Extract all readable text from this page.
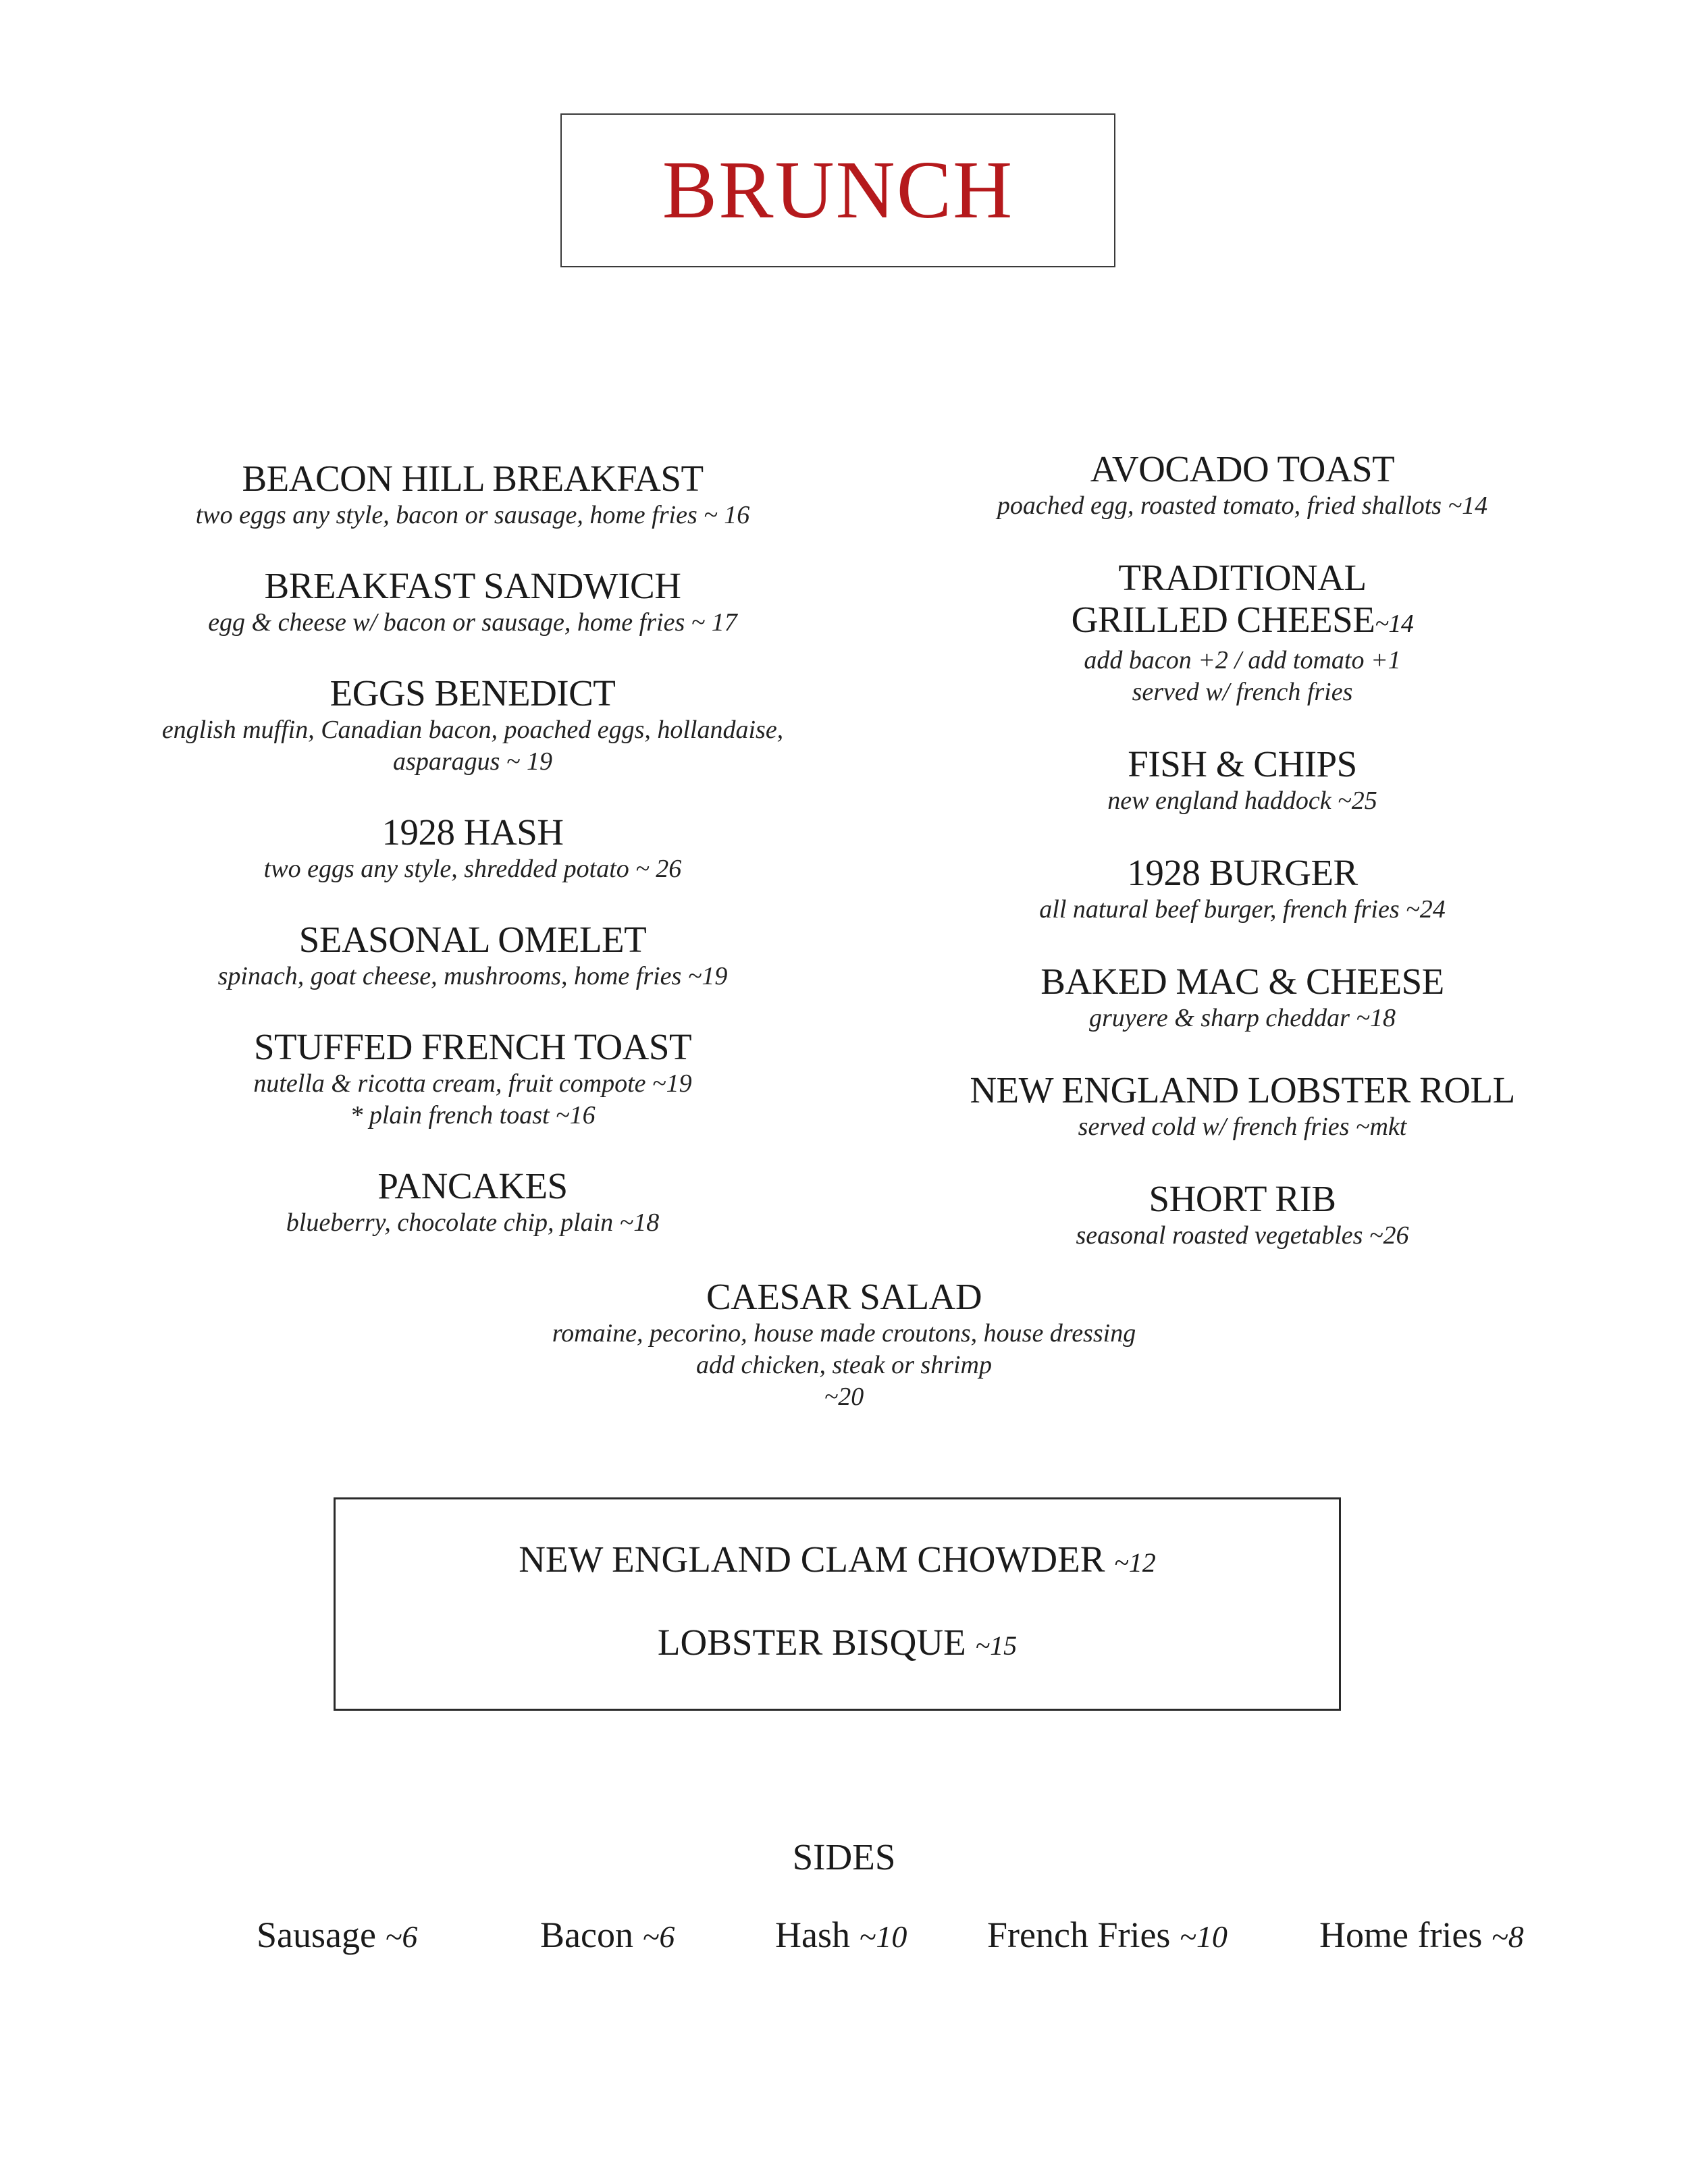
BRUNCH
BEACON HILL BREAKFAST
two eggs any style, bacon or sausage, home fries ~ 16
BREAKFAST SANDWICH
egg & cheese w/ bacon or sausage, home fries ~ 17
EGGS BENEDICT
english muffin, Canadian bacon, poached eggs, hollandaise,
asparagus ~ 19
1928 HASH
two eggs any style, shredded potato ~ 26
SEASONAL OMELET
spinach, goat cheese, mushrooms, home fries ~19
STUFFED FRENCH TOAST
nutella & ricotta cream, fruit compote ~19
* plain french toast ~16
PANCAKES
blueberry, chocolate chip, plain ~18
AVOCADO TOAST
poached egg, roasted tomato, fried shallots ~14
TRADITIONAL
GRILLED CHEESE~14
add bacon +2 / add tomato +1
served w/ french fries
FISH & CHIPS
new england haddock ~25
1928 BURGER
all natural beef burger, french fries ~24
BAKED MAC & CHEESE
gruyere & sharp cheddar ~18
NEW ENGLAND LOBSTER ROLL
served cold w/ french fries ~mkt
SHORT RIB
seasonal roasted vegetables ~26
CAESAR SALAD
romaine, pecorino, house made croutons, house dressing
add chicken, steak or shrimp
~20
NEW ENGLAND CLAM CHOWDER ~12
LOBSTER BISQUE ~15
SIDES
Sausage ~6	Bacon ~6	Hash ~10 French Fries ~10	Home fries ~8
